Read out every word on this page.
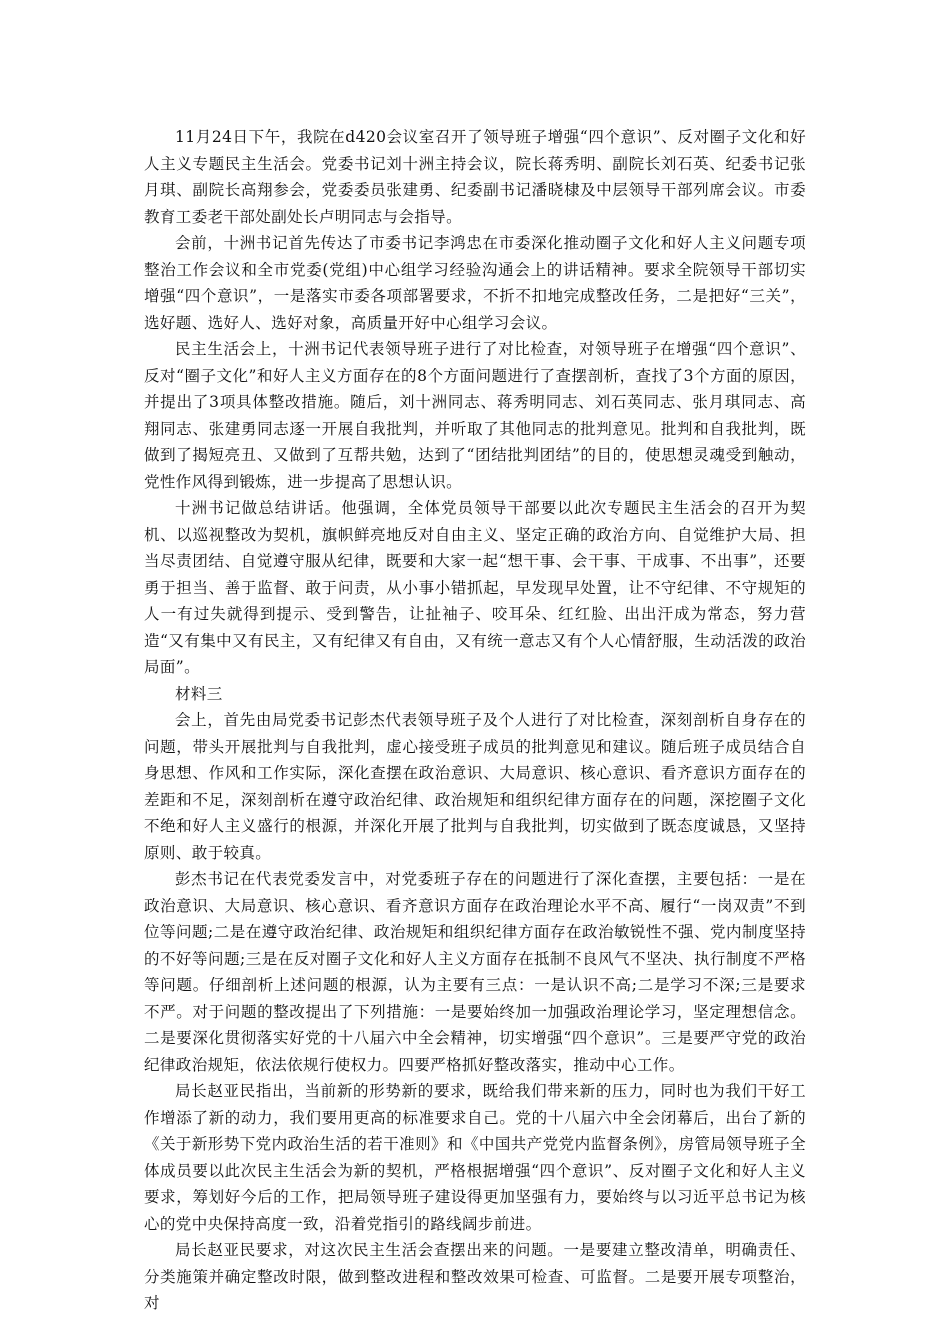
11月24日下午，我院在d420会议室召开了领导班子增强“四个意识”、反对圈子文化和好人主义专题民主生活会。党委书记刘十洲主持会议，院长蒋秀明、副院长刘石英、纪委书记张月琪、副院长高翔参会，党委委员张建勇、纪委副书记潘晓棣及中层领导干部列席会议。市委教育工委老干部处副处长卢明同志与会指导。

会前，十洲书记首先传达了市委书记李鸿忠在市委深化推动圈子文化和好人主义问题专项整治工作会议和全市党委(党组)中心组学习经验沟通会上的讲话精神。要求全院领导干部切实增强“四个意识”，一是落实市委各项部署要求，不折不扣地完成整改任务，二是把好“三关”，选好题、选好人、选好对象，高质量开好中心组学习会议。

民主生活会上，十洲书记代表领导班子进行了对比检查，对领导班子在增强“四个意识”、反对“圈子文化”和好人主义方面存在的8个方面问题进行了查摆剖析，查找了3个方面的原因，并提出了3项具体整改措施。随后，刘十洲同志、蒋秀明同志、刘石英同志、张月琪同志、高翔同志、张建勇同志逐一开展自我批判，并听取了其他同志的批判意见。批判和自我批判，既做到了揭短亮丑、又做到了互帮共勉，达到了“团结批判团结”的目的，使思想灵魂受到触动，党性作风得到锻炼，进一步提高了思想认识。

十洲书记做总结讲话。他强调，全体党员领导干部要以此次专题民主生活会的召开为契机、以巡视整改为契机，旗帜鲜亮地反对自由主义、坚定正确的政治方向、自觉维护大局、担当尽责团结、自觉遵守服从纪律，既要和大家一起“想干事、会干事、干成事、不出事”，还要勇于担当、善于监督、敢于问责，从小事小错抓起，早发现早处置，让不守纪律、不守规矩的人一有过失就得到提示、受到警告，让扯袖子、咬耳朵、红红脸、出出汗成为常态，努力营造“又有集中又有民主，又有纪律又有自由，又有统一意志又有个人心情舒服，生动活泼的政治局面”。

材料三

会上，首先由局党委书记彭杰代表领导班子及个人进行了对比检查，深刻剖析自身存在的问题，带头开展批判与自我批判，虚心接受班子成员的批判意见和建议。随后班子成员结合自身思想、作风和工作实际，深化查摆在政治意识、大局意识、核心意识、看齐意识方面存在的差距和不足，深刻剖析在遵守政治纪律、政治规矩和组织纪律方面存在的问题，深挖圈子文化不绝和好人主义盛行的根源，并深化开展了批判与自我批判，切实做到了既态度诚恳，又坚持原则、敢于较真。

彭杰书记在代表党委发言中，对党委班子存在的问题进行了深化查摆，主要包括：一是在政治意识、大局意识、核心意识、看齐意识方面存在政治理论水平不高、履行“一岗双责”不到位等问题;二是在遵守政治纪律、政治规矩和组织纪律方面存在政治敏锐性不强、党内制度坚持的不好等问题;三是在反对圈子文化和好人主义方面存在抵制不良风气不坚决、执行制度不严格等问题。仔细剖析上述问题的根源，认为主要有三点：一是认识不高;二是学习不深;三是要求不严。对于问题的整改提出了下列措施：一是要始终加一加强政治理论学习，坚定理想信念。二是要深化贯彻落实好党的十八届六中全会精神，切实增强“四个意识”。三是要严守党的政治纪律政治规矩，依法依规行使权力。四要严格抓好整改落实，推动中心工作。

局长赵亚民指出，当前新的形势新的要求，既给我们带来新的压力，同时也为我们干好工作增添了新的动力，我们要用更高的标准要求自己。党的十八届六中全会闭幕后，出台了新的《关于新形势下党内政治生活的若干准则》和《中国共产党党内监督条例》，房管局领导班子全体成员要以此次民主生活会为新的契机，严格根据增强“四个意识”、反对圈子文化和好人主义要求，筹划好今后的工作，把局领导班子建设得更加坚强有力，要始终与以习近平总书记为核心的党中央保持高度一致，沿着党指引的路线阔步前进。

局长赵亚民要求，对这次民主生活会查摆出来的问题。一是要建立整改清单，明确责任、分类施策并确定整改时限，做到整改进程和整改效果可检查、可监督。二是要开展专项整治，对
